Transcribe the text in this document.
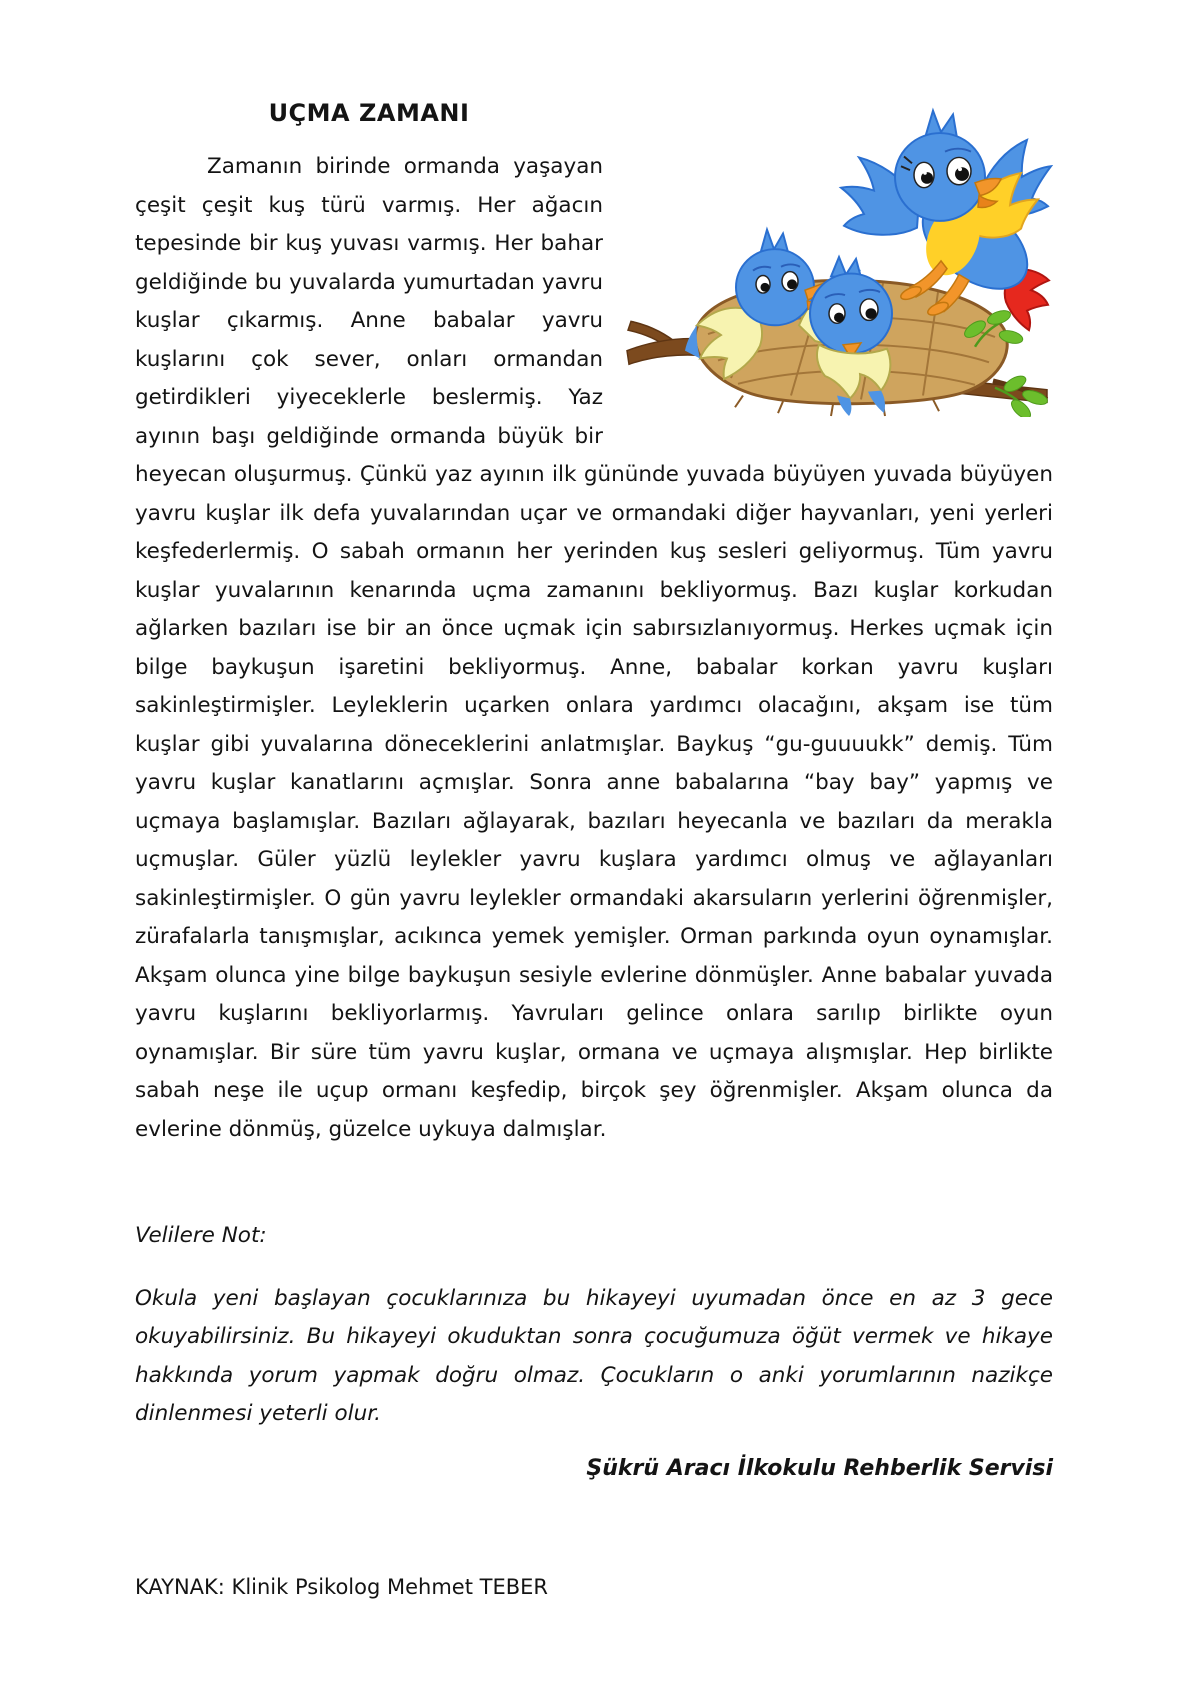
UÇMA ZAMANI

Zamanın birinde ormanda yaşayan çeşit çeşit kuş türü varmış. Her ağacın tepesinde bir kuş yuvası varmış. Her bahar geldiğinde bu yuvalarda yumurtadan yavru kuşlar çıkarmış. Anne babalar yavru kuşlarını çok sever, onları ormandan getirdikleri yiyeceklerle beslermiş. Yaz ayının başı geldiğinde ormanda büyük bir heyecan oluşurmuş. Çünkü yaz ayının ilk gününde yuvada büyüyen yuvada büyüyen yavru kuşlar ilk defa yuvalarından uçar ve ormandaki diğer hayvanları, yeni yerleri keşfederlermiş. O sabah ormanın her yerinden kuş sesleri geliyormuş. Tüm yavru kuşlar yuvalarının kenarında uçma zamanını bekliyormuş. Bazı kuşlar korkudan ağlarken bazıları ise bir an önce uçmak için sabırsızlanıyormuş. Herkes uçmak için bilge baykuşun işaretini bekliyormuş. Anne, babalar korkan yavru kuşları sakinleştirmişler. Leyleklerin uçarken onlara yardımcı olacağını, akşam ise tüm kuşlar gibi yuvalarına döneceklerini anlatmışlar. Baykuş “gu-guuuukk” demiş. Tüm yavru kuşlar kanatlarını açmışlar. Sonra anne babalarına “bay bay” yapmış ve uçmaya başlamışlar. Bazıları ağlayarak, bazıları heyecanla ve bazıları da merakla uçmuşlar. Güler yüzlü leylekler yavru kuşlara yardımcı olmuş ve ağlayanları sakinleştirmişler. O gün yavru leylekler ormandaki akarsuların yerlerini öğrenmişler, zürafalarla tanışmışlar, acıkınca yemek yemişler. Orman parkında oyun oynamışlar. Akşam olunca yine bilge baykuşun sesiyle evlerine dönmüşler. Anne babalar yuvada yavru kuşlarını bekliyorlarmış. Yavruları gelince onlara sarılıp birlikte oyun oynamışlar. Bir süre tüm yavru kuşlar, ormana ve uçmaya alışmışlar. Hep birlikte sabah neşe ile uçup ormanı keşfedip, birçok şey öğrenmişler. Akşam olunca da evlerine dönmüş, güzelce uykuya dalmışlar.

Velilere Not:

Okula yeni başlayan çocuklarınıza bu hikayeyi uyumadan önce en az 3 gece okuyabilirsiniz. Bu hikayeyi okuduktan sonra çocuğumuza öğüt vermek ve hikaye hakkında yorum yapmak doğru olmaz. Çocukların o anki yorumlarının nazikçe dinlenmesi yeterli olur.

Şükrü Aracı İlkokulu Rehberlik Servisi

KAYNAK: Klinik Psikolog Mehmet TEBER
